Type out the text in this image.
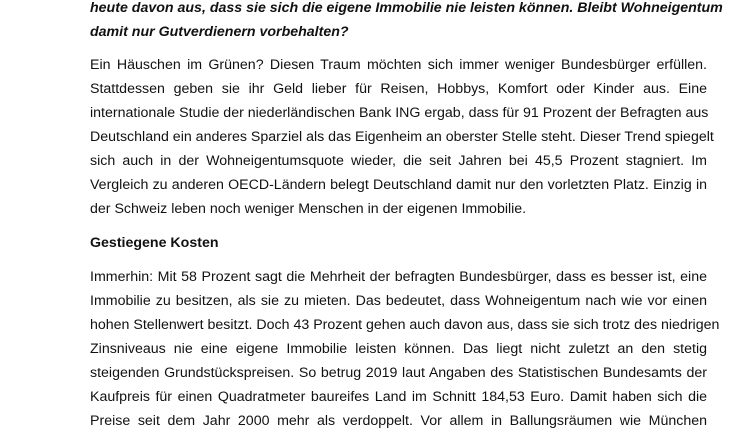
heute davon aus, dass sie sich die eigene Immobilie nie leisten können. Bleibt Wohneigentum
damit nur Gutverdienern vorbehalten?
Ein Häuschen im Grünen? Diesen Traum möchten sich immer weniger Bundesbürger erfüllen.
Stattdessen geben sie ihr Geld lieber für Reisen, Hobbys, Komfort oder Kinder aus. Eine
internationale Studie der niederländischen Bank ING ergab, dass für 91 Prozent der Befragten aus
Deutschland ein anderes Sparziel als das Eigenheim an oberster Stelle steht. Dieser Trend spiegelt
sich auch in der Wohneigentumsquote wieder, die seit Jahren bei 45,5 Prozent stagniert. Im
Vergleich zu anderen OECD-Ländern belegt Deutschland damit nur den vorletzten Platz. Einzig in
der Schweiz leben noch weniger Menschen in der eigenen Immobilie.
Gestiegene Kosten
Immerhin: Mit 58 Prozent sagt die Mehrheit der befragten Bundesbürger, dass es besser ist, eine
Immobilie zu besitzen, als sie zu mieten. Das bedeutet, dass Wohneigentum nach wie vor einen
hohen Stellenwert besitzt. Doch 43 Prozent gehen auch davon aus, dass sie sich trotz des niedrigen
Zinsniveaus nie eine eigene Immobilie leisten können. Das liegt nicht zuletzt an den stetig
steigenden Grundstückspreisen. So betrug 2019 laut Angaben des Statistischen Bundesamts der
Kaufpreis für einen Quadratmeter baureifes Land im Schnitt 184,53 Euro. Damit haben sich die
Preise seit dem Jahr 2000 mehr als verdoppelt. Vor allem in Ballungsräumen wie München
